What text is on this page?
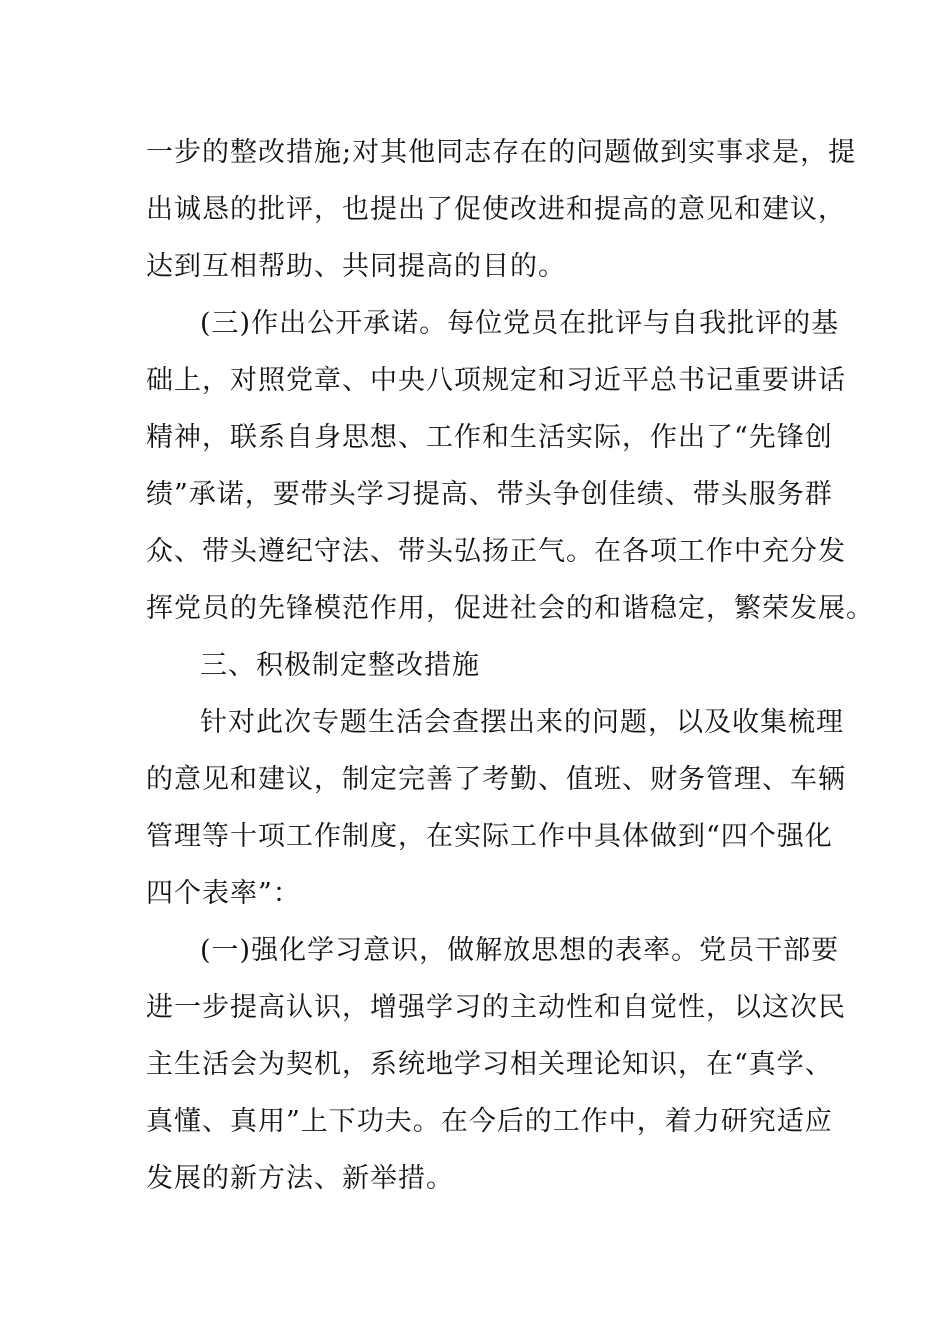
一步的整改措施;对其他同志存在的问题做到实事求是，提
出诚恳的批评，也提出了促使改进和提高的意见和建议，
达到互相帮助、共同提高的目的。
(三)作出公开承诺。每位党员在批评与自我批评的基
础上，对照党章、中央八项规定和习近平总书记重要讲话
精神，联系自身思想、工作和生活实际，作出了“先锋创
绩”承诺，要带头学习提高、带头争创佳绩、带头服务群
众、带头遵纪守法、带头弘扬正气。在各项工作中充分发
挥党员的先锋模范作用，促进社会的和谐稳定，繁荣发展。
三、积极制定整改措施
针对此次专题生活会查摆出来的问题，以及收集梳理
的意见和建议，制定完善了考勤、值班、财务管理、车辆
管理等十项工作制度，在实际工作中具体做到“四个强化
四个表率”：
(一)强化学习意识，做解放思想的表率。党员干部要
进一步提高认识，增强学习的主动性和自觉性，以这次民
主生活会为契机，系统地学习相关理论知识，在“真学、
真懂、真用”上下功夫。在今后的工作中，着力研究适应
发展的新方法、新举措。
